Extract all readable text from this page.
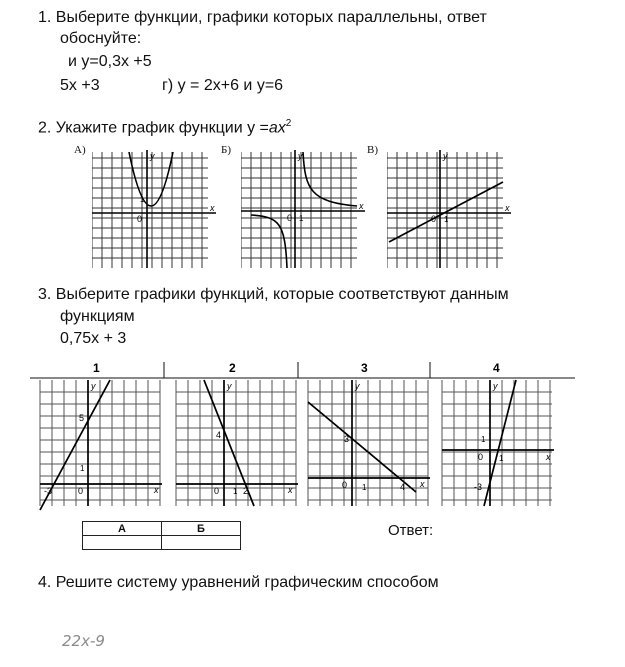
1. Выберите функции, графики которых параллельны, ответ
обоснуйте:
и у=0,3х +5
5х +3	г) у = 2х+6 и у=6
2. Укажите график функции $у =ах^2$
А)	Б)	В)
y
x
0
1
y
x
0 1
y
x
0 1
3. Выберите графики функций, которые соответствуют данным
функциям
0,75х + 3
1	2	3	4
y
x
0
-3
1
5
y
x
0
4
1 2
y
x
0
3
1	4
y
x
0
1
1
-3
А	Б
		Ответ:
4. Решите систему уравнений графическим способом
22х-9
